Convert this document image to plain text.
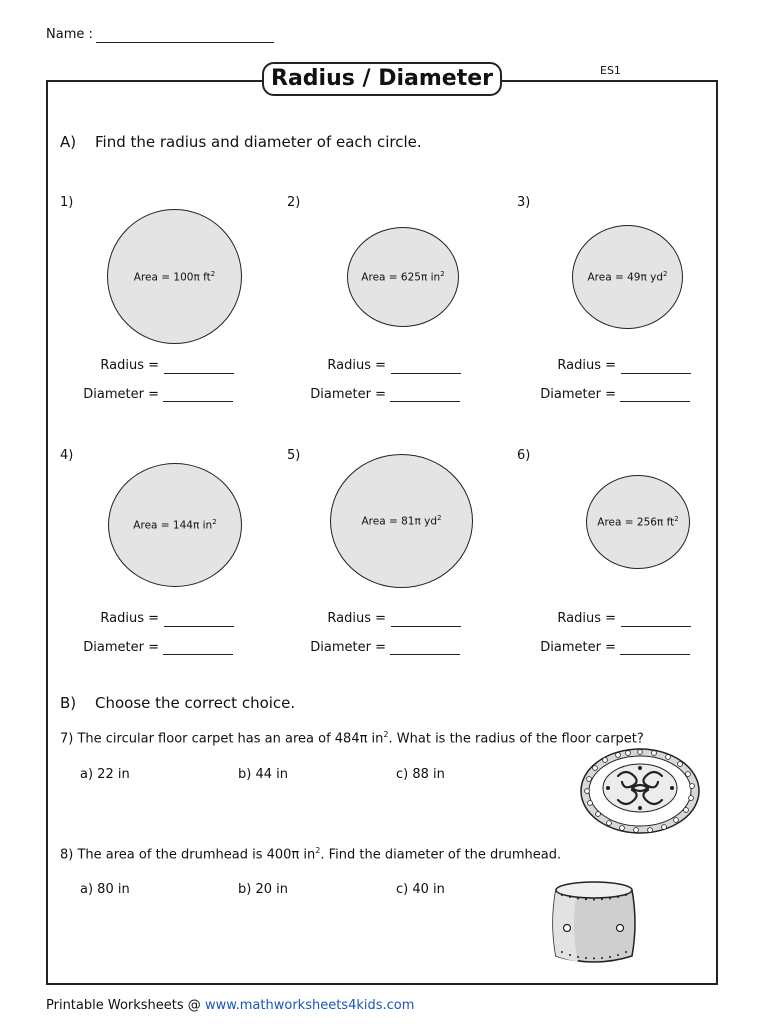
Name :
ES1
Radius / Diameter
A) Find the radius and diameter of each circle.
1)
Area = 100π $ft^2$
Radius =
Diameter =
2)
Area = 625π $in^2$
Radius =
Diameter =
3)
Area = 49π $yd^2$
Radius =
Diameter =
4)
Area = 144π $in^2$
Radius =
Diameter =
5)
Area = 81π $yd^2$
Radius =
Diameter =
6)
Area = 256π $ft^2$
Radius =
Diameter =
B) Choose the correct choice.
7) The circular floor carpet has an area of 484π $in^2$. What is the radius of the floor carpet?
a) 22 in	b) 44 in	c) 88 in
8) The area of the drumhead is 400π $in^2$. Find the diameter of the drumhead.
a) 80 in	b) 20 in	c) 40 in
Printable Worksheets @ www.mathworksheets4kids.com
